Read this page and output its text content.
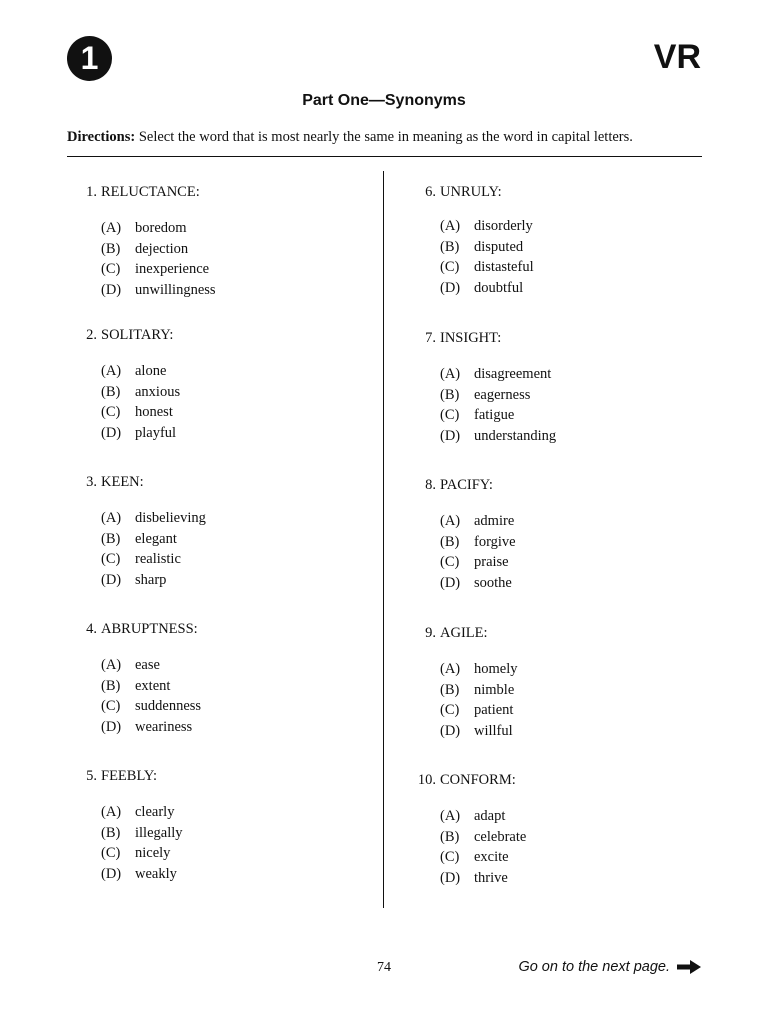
1	VR
Part One—Synonyms
Directions: Select the word that is most nearly the same in meaning as the word in capital letters.
1. RELUCTANCE:
(A) boredom
(B)	dejection
(C)	inexperience
(D) unwillingness
2. SOLITARY:
(A) alone
(B)	anxious
(C)	honest
(D) playful
3. KEEN:
(A) disbelieving
(B)	elegant
(C)	realistic
(D) sharp
4. ABRUPTNESS:
(A) ease
(B)	extent
(C)	suddenness
(D) weariness
5. FEEBLY:
(A) clearly
(B)	illegally
(C)	nicely
(D) weakly
6. UNRULY:
(A) disorderly
(B)	disputed
(C)	distasteful
(D) doubtful
7. INSIGHT:
(A) disagreement
(B)	eagerness
(C)	fatigue
(D) understanding
8. PACIFY:
(A) admire
(B)	forgive
(C)	praise
(D) soothe
9. AGILE:
(A) homely
(B)	nimble
(C)	patient
(D) willful
10. CONFORM:
(A) adapt
(B)	celebrate
(C)	excite
(D) thrive
74	Go on to the next page.
